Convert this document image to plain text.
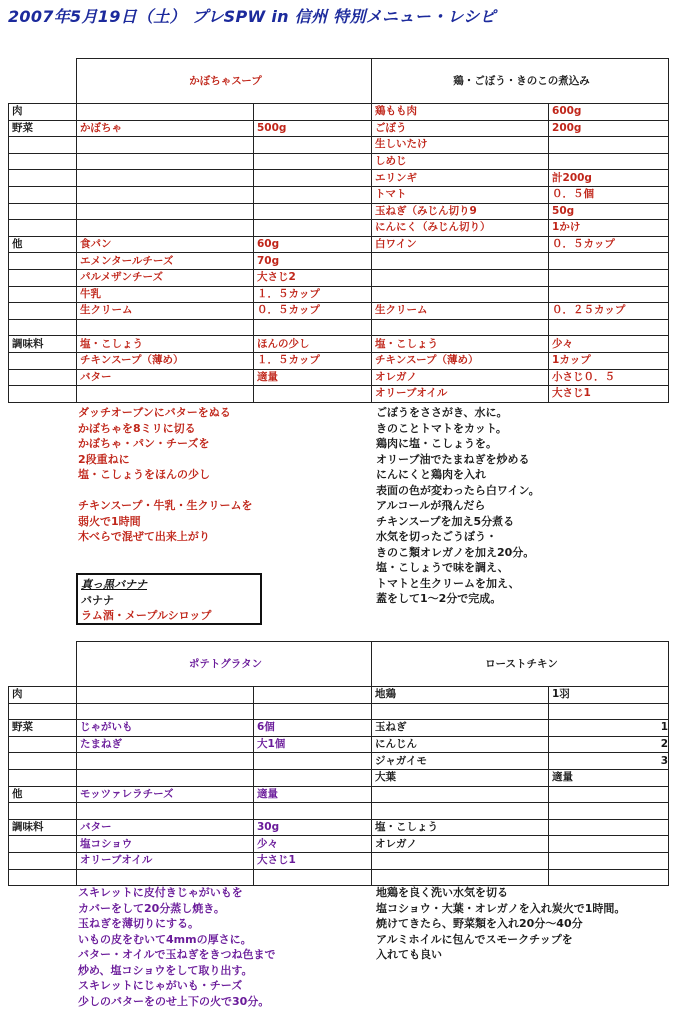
2007年5月19日（土） プレSPW in 信州 特別メニュー・レシピ
	かぼちゃスープ		鶏・ごぼう・きのこの煮込み	
肉			鶏もも肉	600g
野菜	かぼちゃ	500g	ごぼう	200g
			生しいたけ	
			しめじ	
			エリンギ	計200g
			トマト	０．５個
			玉ねぎ（みじん切り9	50g
			にんにく（みじん切り）	1かけ
他	食パン	60g	白ワイン	０．５カップ
	エメンタールチーズ	70g		
	パルメザンチーズ	大さじ2		
	牛乳	１．５カップ		
	生クリーム	０．５カップ	生クリーム	０．２５カップ

調味料	塩・こしょう	ほんの少し	塩・こしょう	少々
	チキンスープ（薄め）	１．５カップ	チキンスープ（薄め）	1カップ
	バター	適量	オレガノ	小さじ０．５
			オリーブオイル	大さじ1
ダッチオーブンにバターをぬる
かぼちゃを8ミリに切る
かぼちゃ・パン・チーズを
2段重ねに
塩・こしょうをほんの少し
チキンスープ・牛乳・生クリームを
弱火で1時間
木べらで混ぜて出来上がり
ごぼうをささがき、水に。
きのことトマトをカット。
鶏肉に塩・こしょうを。
オリーブ油でたまねぎを炒める
にんにくと鶏肉を入れ
表面の色が変わったら白ワイン。
アルコールが飛んだら
チキンスープを加え5分煮る
水気を切ったごうぼう・
きのこ類オレガノを加え20分。
塩・こしょうで味を調え、
トマトと生クリームを加え、
蓋をして1～2分で完成。
真っ黒バナナ
バナナ
ラム酒・メープルシロップ
	ポテトグラタン		ローストチキン	
肉			地鶏	1羽

野菜	じゃがいも	6個	玉ねぎ	1
	たまねぎ	大1個	にんじん	2
			ジャガイモ	3
			大葉	適量
他	モッツァレラチーズ	適量		

調味料	バター	30g	塩・こしょう	
	塩コショウ	少々	オレガノ	
	オリーブオイル	大さじ1		

スキレットに皮付きじゃがいもを
カバーをして20分蒸し焼き。
玉ねぎを薄切りにする。
いもの皮をむいて4mmの厚さに。
バター・オイルで玉ねぎをきつね色まで
炒め、塩コショウをして取り出す。
スキレットにじゃがいも・チーズ
少しのバターをのせ上下の火で30分。
地鶏を良く洗い水気を切る
塩コショウ・大葉・オレガノを入れ炭火で1時間。
焼けてきたら、野菜類を入れ20分～40分
アルミホイルに包んでスモークチップを
入れても良い
